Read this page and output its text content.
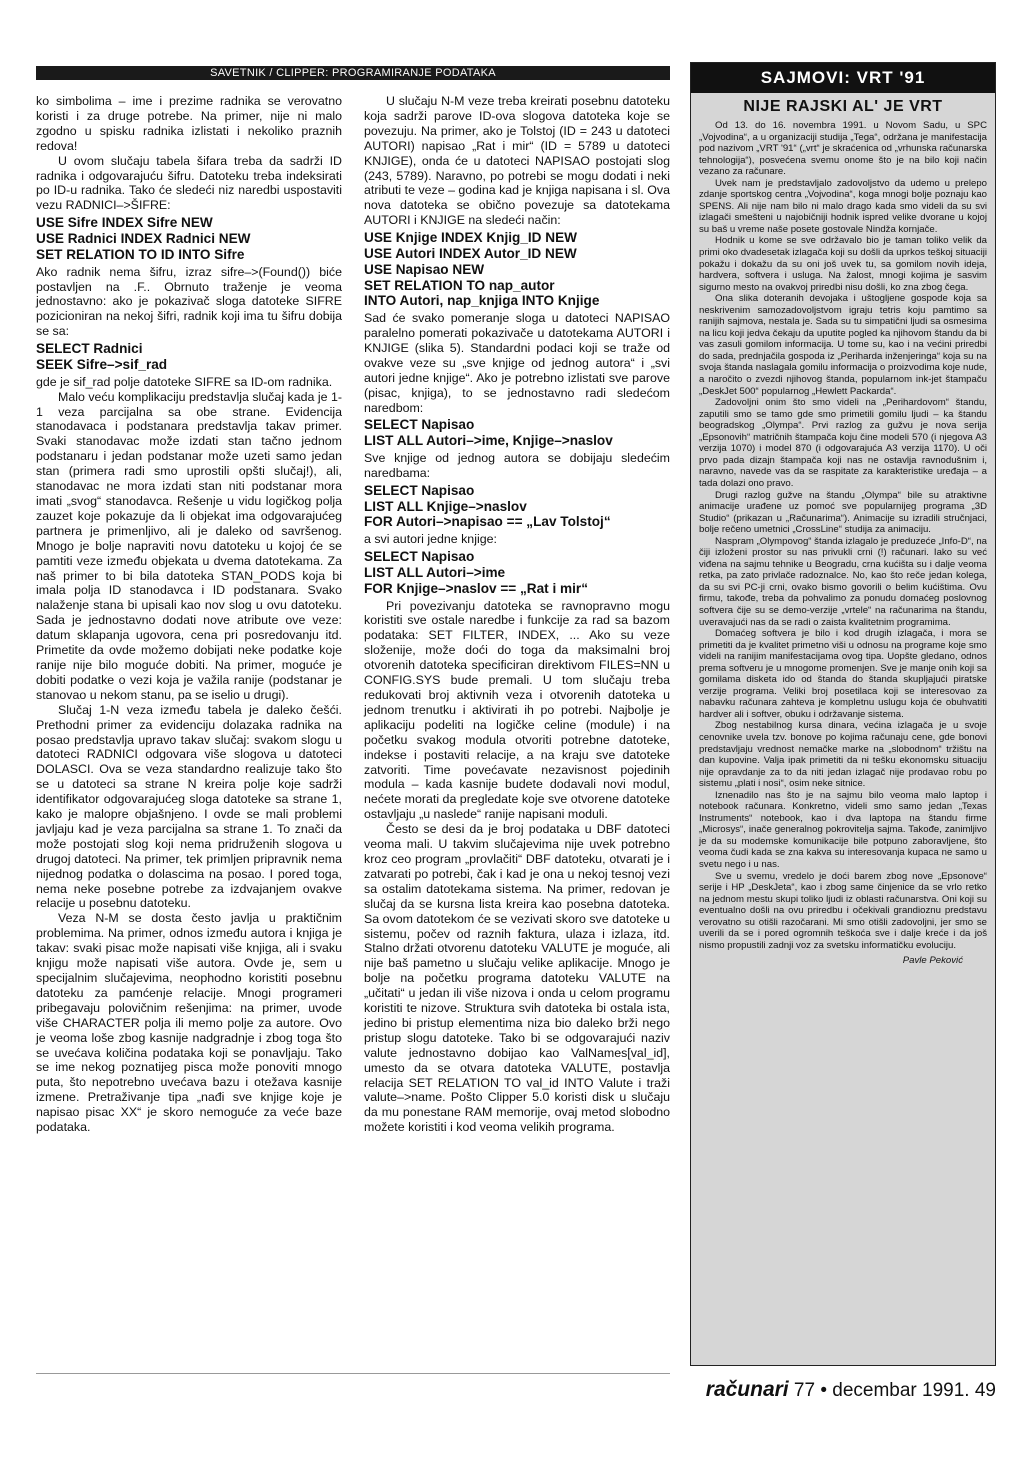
SAVETNIK / CLIPPER: PROGRAMIRANJE PODATAKA

ko simbolima – ime i prezime radnika se verovatno koristi i za druge potrebe. Na primer, nije ni malo zgodno u spisku radnika izlistati i nekoliko praznih redova!

U ovom slučaju tabela šifara treba da sadrži ID radnika i odgovarajuću šifru. Datoteku treba indeksirati po ID-u radnika. Tako će sledeći niz naredbi uspostaviti vezu RADNICI–>ŠIFRE:

USE Sifre INDEX Sifre NEW
USE Radnici INDEX Radnici NEW
SET RELATION TO ID INTO Sifre

Ako radnik nema šifru, izraz sifre–>(Found()) biće postavljen na .F.. Obrnuto traženje je veoma jednostavno: ako je pokazivač sloga datoteke SIFRE pozicioniran na nekoj šifri, radnik koji ima tu šifru dobija se sa:

SELECT Radnici
SEEK Sifre–>sif_rad

gde je sif_rad polje datoteke SIFRE sa ID-om radnika.

Malo veću komplikaciju predstavlja slučaj kada je 1-1 veza parcijalna sa obe strane. Evidencija stanodavaca i podstanara predstavlja takav primer. Svaki stanodavac može izdati stan tačno jednom podstanaru i jedan podstanar može uzeti samo jedan stan (primera radi smo uprostili opšti slučaj!), ali, stanodavac ne mora izdati stan niti podstanar mora imati „svog“ stanodavca. Rešenje u vidu logičkog polja zauzet koje pokazuje da li objekat ima odgovarajućeg partnera je primenljivo, ali je daleko od savršenog. Mnogo je bolje napraviti novu datoteku u kojoj će se pamtiti veze između objekata u dvema datotekama. Za naš primer to bi bila datoteka STAN_PODS koja bi imala polja ID stanodavca i ID podstanara. Svako nalaženje stana bi upisali kao nov slog u ovu datoteku. Sada je jednostavno dodati nove atribute ove veze: datum sklapanja ugovora, cena pri posredovanju itd. Primetite da ovde možemo dobijati neke podatke koje ranije nije bilo moguće dobiti. Na primer, moguće je dobiti podatke o vezi koja je važila ranije (podstanar je stanovao u nekom stanu, pa se iselio u drugi).

Slučaj 1-N veza između tabela je daleko češći. Prethodni primer za evidenciju dolazaka radnika na posao predstavlja upravo takav slučaj: svakom slogu u datoteci RADNICI odgovara više slogova u datoteci DOLASCI. Ova se veza standardno realizuje tako što se u datoteci sa strane N kreira polje koje sadrži identifikator odgovarajućeg sloga datoteke sa strane 1, kako je malopre objašnjeno. I ovde se mali problemi javljaju kad je veza parcijalna sa strane 1. To znači da može postojati slog koji nema pridruženih slogova u drugoj datoteci. Na primer, tek primljen pripravnik nema nijednog podatka o dolascima na posao. I pored toga, nema neke posebne potrebe za izdvajanjem ovakve relacije u posebnu datoteku.

Veza N-M se dosta često javlja u praktičnim problemima. Na primer, odnos između autora i knjiga je takav: svaki pisac može napisati više knjiga, ali i svaku knjigu može napisati više autora. Ovde je, sem u specijalnim slučajevima, neophodno koristiti posebnu datoteku za pamćenje relacije. Mnogi programeri pribegavaju polovičnim rešenjima: na primer, uvode više CHARACTER polja ili memo polje za autore. Ovo je veoma loše zbog kasnije nadgradnje i zbog toga što se uvećava količina podataka koji se ponavljaju. Tako se ime nekog poznatijeg pisca može ponoviti mnogo puta, što nepotrebno uvećava bazu i otežava kasnije izmene. Pretraživanje tipa „nađi sve knjige koje je napisao pisac XX“ je skoro nemoguće za veće baze podataka.

U slučaju N-M veze treba kreirati posebnu datoteku koja sadrži parove ID-ova slogova datoteka koje se povezuju. Na primer, ako je Tolstoj (ID = 243 u datoteci AUTORI) napisao „Rat i mir“ (ID = 5789 u datoteci KNJIGE), onda će u datoteci NAPISAO postojati slog (243, 5789). Naravno, po potrebi se mogu dodati i neki atributi te veze – godina kad je knjiga napisana i sl. Ova nova datoteka se obično povezuje sa datotekama AUTORI i KNJIGE na sledeći način:

USE Knjige INDEX Knjig_ID NEW
USE Autori INDEX Autor_ID NEW
USE Napisao NEW
SET RELATION TO nap_autor
INTO Autori, nap_knjiga INTO Knjige

Sad će svako pomeranje sloga u datoteci NAPISAO paralelno pomerati pokazivače u datotekama AUTORI i KNJIGE (slika 5). Standardni podaci koji se traže od ovakve veze su „sve knjige od jednog autora“ i „svi autori jedne knjige“. Ako je potrebno izlistati sve parove (pisac, knjiga), to se jednostavno radi sledećom naredbom:

SELECT Napisao
LIST ALL Autori–>ime, Knjige–>naslov

Sve knjige od jednog autora se dobijaju sledećim naredbama:

SELECT Napisao
LIST ALL Knjige–>naslov
FOR Autori–>napisao == „Lav Tolstoj“

a svi autori jedne knjige:

SELECT Napisao
LIST ALL Autori–>ime
FOR Knjige–>naslov == „Rat i mir“

Pri povezivanju datoteka se ravnopravno mogu koristiti sve ostale naredbe i funkcije za rad sa bazom podataka: SET FILTER, INDEX, ... Ako su veze složenije, može doći do toga da maksimalni broj otvorenih datoteka specificiran direktivom FILES=NN u CONFIG.SYS bude premali. U tom slučaju treba redukovati broj aktivnih veza i otvorenih datoteka u jednom trenutku i aktivirati ih po potrebi. Najbolje je aplikaciju podeliti na logičke celine (module) i na početku svakog modula otvoriti potrebne datoteke, indekse i postaviti relacije, a na kraju sve datoteke zatvoriti. Time povećavate nezavisnost pojedinih modula – kada kasnije budete dodavali novi modul, nećete morati da pregledate koje sve otvorene datoteke ostavljaju „u naslede“ ranije napisani moduli.

Često se desi da je broj podataka u DBF datoteci veoma mali. U takvim slučajevima nije uvek potrebno kroz ceo program „provlačiti“ DBF datoteku, otvarati je i zatvarati po potrebi, čak i kad je ona u nekoj tesnoj vezi sa ostalim datotekama sistema. Na primer, redovan je slučaj da se kursna lista kreira kao posebna datoteka. Sa ovom datotekom će se vezivati skoro sve datoteke u sistemu, počev od raznih faktura, ulaza i izlaza, itd. Stalno držati otvorenu datoteku VALUTE je moguće, ali nije baš pametno u slučaju velike aplikacije. Mnogo je bolje na početku programa datoteku VALUTE na „učitati“ u jedan ili više nizova i onda u celom programu koristiti te nizove. Struktura svih datoteka bi ostala ista, jedino bi pristup elementima niza bio daleko brži nego pristup slogu datoteke. Tako bi se odgovarajući naziv valute jednostavno dobijao kao ValNames[val_id], umesto da se otvara datoteka VALUTE, postavlja relacija SET RELATION TO val_id INTO Valute i traži valute–>name. Pošto Clipper 5.0 koristi disk u slučaju da mu ponestane RAM memorije, ovaj metod slobodno možete koristiti i kod veoma velikih programa.

SAJMOVI: VRT '91
NIJE RAJSKI AL' JE VRT

Od 13. do 16. novembra 1991. u Novom Sadu, u SPC „Vojvodina“, a u organizaciji studija „Tega“, održana je manifestacija pod nazivom „VRT '91“ („vrt“ je skraćenica od „vrhunska računarska tehnologija“), posvećena svemu onome što je na bilo koji način vezano za računare.

Uvek nam je predstavljalo zadovoljstvo da udemo u prelepo zdanje sportskog centra „Vojvodina“, koga mnogi bolje poznaju kao SPENS. Ali nije nam bilo ni malo drago kada smo videli da su svi izlagači smešteni u najobičniji hodnik ispred velike dvorane u kojoj su baš u vreme naše posete gostovale Nindža kornjače.

Hodnik u kome se sve održavalo bio je taman toliko velik da primi oko dvadesetak izlagača koji su došli da uprkos teškoj situaciji pokažu i dokažu da su oni još uvek tu, sa gomilom novih ideja, hardvera, softvera i usluga. Na žalost, mnogi kojima je sasvim sigurno mesto na ovakvoj priredbi nisu došli, ko zna zbog čega.

Ona slika doteranih devojaka i uštogljene gospode koja sa neskrivenim samozadovoljstvom igraju tetris koju pamtimo sa ranijih sajmova, nestala je. Sada su tu simpatični ljudi sa osmesima na licu koji jedva čekaju da uputite pogled ka njihovom štandu da bi vas zasuli gomilom informacija. U tome su, kao i na većini priredbi do sada, prednjačila gospoda iz „Periharda inženjeringa“ koja su na svoja štanda naslagala gomilu informacija o proizvodima koje nude, a naročito o zvezdi njihovog štanda, popularnom ink-jet štampaču „DeskJet 500“ popularnog „Hewlett Packarda“.

Zadovoljni onim što smo videli na „Perihardovom“ štandu, zaputili smo se tamo gde smo primetili gomilu ljudi – ka štandu beogradskog „Olympa“. Prvi razlog za gužvu je nova serija „Epsonovih“ matričnih štampača koju čine modeli 570 (i njegova A3 verzija 1070) i model 870 (i odgovarajuća A3 verzija 1170). U oči prvo pada dizajn štampača koji nas ne ostavlja ravnodušnim i, naravno, navede vas da se raspitate za karakteristike uređaja – a tada dolazi ono pravo.

Drugi razlog gužve na štandu „Olympa“ bile su atraktivne animacije urađene uz pomoć sve popularnijeg programa „3D Studio“ (prikazan u „Računarima“). Animacije su izradili stručnjaci, bolje rečeno umetnici „CrossLine“ studija za animaciju.

Naspram „Olympovog“ štanda izlagalo je preduzeće „Info-D“, na čiji izloženi prostor su nas privukli crni (!) računari. Iako su već viđena na sajmu tehnike u Beogradu, crna kućišta su i dalje veoma retka, pa zato privlače radoznalce. No, kao što reče jedan kolega, da su svi PC-ji crni, ovako bismo govorili o belim kućištima. Ovu firmu, takođe, treba da pohvalimo za ponudu domaćeg poslovnog softvera čije su se demo-verzije „vrtele“ na računarima na štandu, uveravajući nas da se radi o zaista kvalitetnim programima.

Domaćeg softvera je bilo i kod drugih izlagača, i mora se primetiti da je kvalitet primetno viši u odnosu na programe koje smo videli na ranijim manifestacijama ovog tipa. Uopšte gledano, odnos prema softveru je u mnogome promenjen. Sve je manje onih koji sa gomilama disketa ido od štanda do štanda skupljajući piratske verzije programa. Veliki broj posetilaca koji se interesovao za nabavku računara zahteva je kompletnu uslugu koja će obuhvatiti hardver ali i softver, obuku i održavanje sistema.

Zbog nestabilnog kursa dinara, većina izlagača je u svoje cenovnike uvela tzv. bonove po kojima računaju cene, gde bonovi predstavljaju vrednost nemačke marke na „slobodnom“ tržištu na dan kupovine. Valja ipak primetiti da ni tešku ekonomsku situaciju nije opravdanje za to da niti jedan izlagač nije prodavao robu po sistemu „plati i nosi“, osim neke sitnice.

Iznenadilo nas što je na sajmu bilo veoma malo laptop i notebook računara. Konkretno, videli smo samo jedan „Texas Instruments“ notebook, kao i dva laptopa na štandu firme „Microsys“, inače generalnog pokrovitelja sajma. Takođe, zanimljivo je da su modemske komunikacije bile potpuno zaboravljene, što veoma čudi kada se zna kakva su interesovanja kupaca ne samo u svetu nego i u nas.

Sve u svemu, vredelo je doći barem zbog nove „Epsonove“ serije i HP „DeskJeta“, kao i zbog same činjenice da se vrlo retko na jednom mestu skupi toliko ljudi iz oblasti računarstva. Oni koji su eventualno došli na ovu priredbu i očekivali grandioznu predstavu verovatno su otišli razočarani. Mi smo otišli zadovoljni, jer smo se uverili da se i pored ogromnih teškoća sve i dalje kreće i da još nismo propustili zadnji voz za svetsku informatičku evoluciju.

Pavle Peković
računari 77 • decembar 1991. 49
